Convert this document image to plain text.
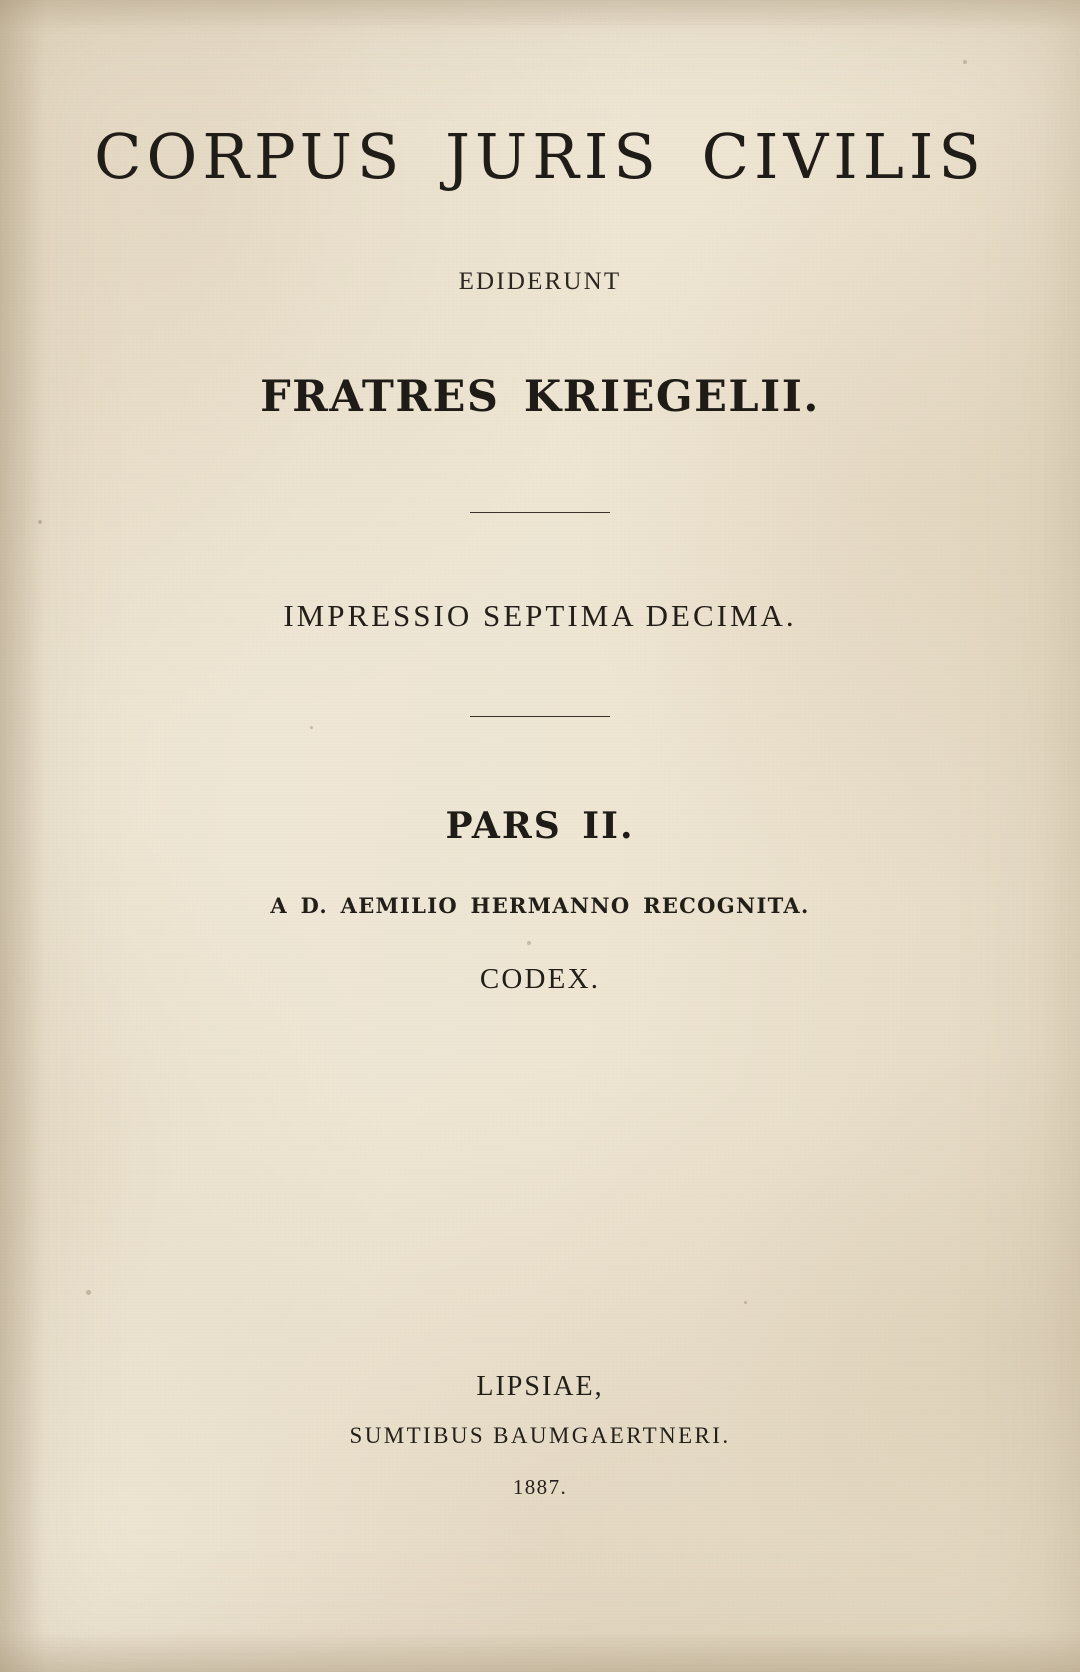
CORPUS JURIS CIVILIS
EDIDERUNT
FRATRES KRIEGELII.
IMPRESSIO SEPTIMA DECIMA.
PARS II.
A D. AEMILIO HERMANNO RECOGNITA.
CODEX.
LIPSIAE,
SUMTIBUS BAUMGAERTNERI.
1887.
